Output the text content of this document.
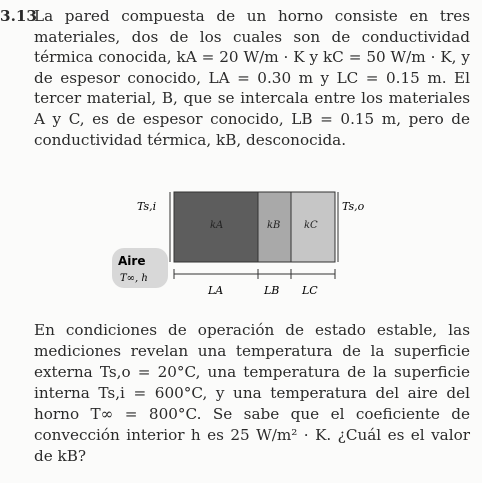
3.13
La pared compuesta de un horno consiste en tres materiales, dos de los cuales son de conductividad térmica conocida, kA = 20 W/m · K y kC = 50 W/m · K, y de espesor conocido, LA = 0.30 m y LC = 0.15 m. El tercer material, B, que se intercala entre los materiales A y C, es de espesor conocido, LB = 0.15 m, pero de conductividad térmica, kB, desconocida.
Ts,i	Ts,o
kA	kB kC
Aire
T∞, h
LA	LB LC
En condiciones de operación de estado estable, las mediciones revelan una temperatura de la superficie externa Ts,o = 20°C, una temperatura de la superficie interna Ts,i = 600°C, y una temperatura del aire del horno T∞ = 800°C. Se sabe que el coeficiente de convección interior h es 25 W/m² · K. ¿Cuál es el valor de kB?
